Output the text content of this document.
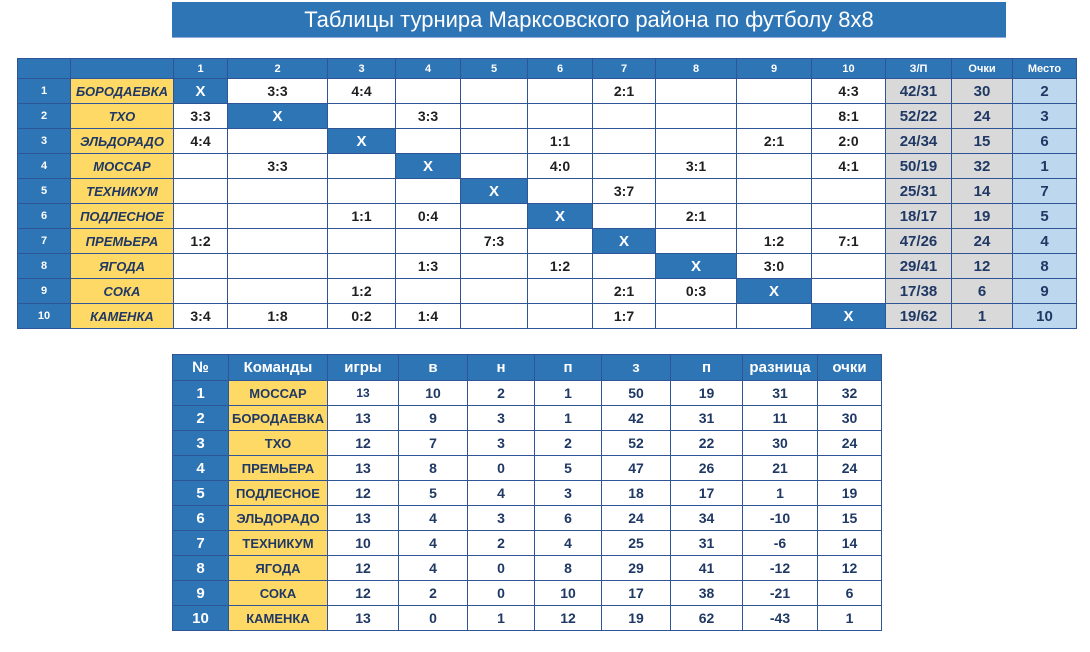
Таблицы турнира Марксовского района по футболу 8х8
		1	2	3	4	5	6	7	8	9	10	З/П	Очки	Место
1	БОРОДАЕВКА	X	3:3	4:4				2:1			4:3	42/31	30	2
2	ТХО	3:3	X		3:3						8:1	52/22	24	3
3	ЭЛЬДОРАДО	4:4		X			1:1			2:1	2:0	24/34	15	6
4	МОССАР		3:3		X		4:0		3:1		4:1	50/19	32	1
5	ТЕХНИКУМ					X		3:7				25/31	14	7
6	ПОДЛЕСНОЕ			1:1	0:4		X		2:1			18/17	19	5
7	ПРЕМЬЕРА	1:2				7:3		X		1:2	7:1	47/26	24	4
8	ЯГОДА				1:3		1:2		X	3:0		29/41	12	8
9	СОКА			1:2				2:1	0:3	X		17/38	6	9
10	КАМЕНКА	3:4	1:8	0:2	1:4			1:7			X	19/62	1	10
№	Команды	игры	в	н	п	з	п	разница	очки
1	МОССАР	13	10	2	1	50	19	31	32
2	БОРОДАЕВКА	13	9	3	1	42	31	11	30
3	ТХО	12	7	3	2	52	22	30	24
4	ПРЕМЬЕРА	13	8	0	5	47	26	21	24
5	ПОДЛЕСНОЕ	12	5	4	3	18	17	1	19
6	ЭЛЬДОРАДО	13	4	3	6	24	34	-10	15
7	ТЕХНИКУМ	10	4	2	4	25	31	-6	14
8	ЯГОДА	12	4	0	8	29	41	-12	12
9	СОКА	12	2	0	10	17	38	-21	6
10	КАМЕНКА	13	0	1	12	19	62	-43	1
